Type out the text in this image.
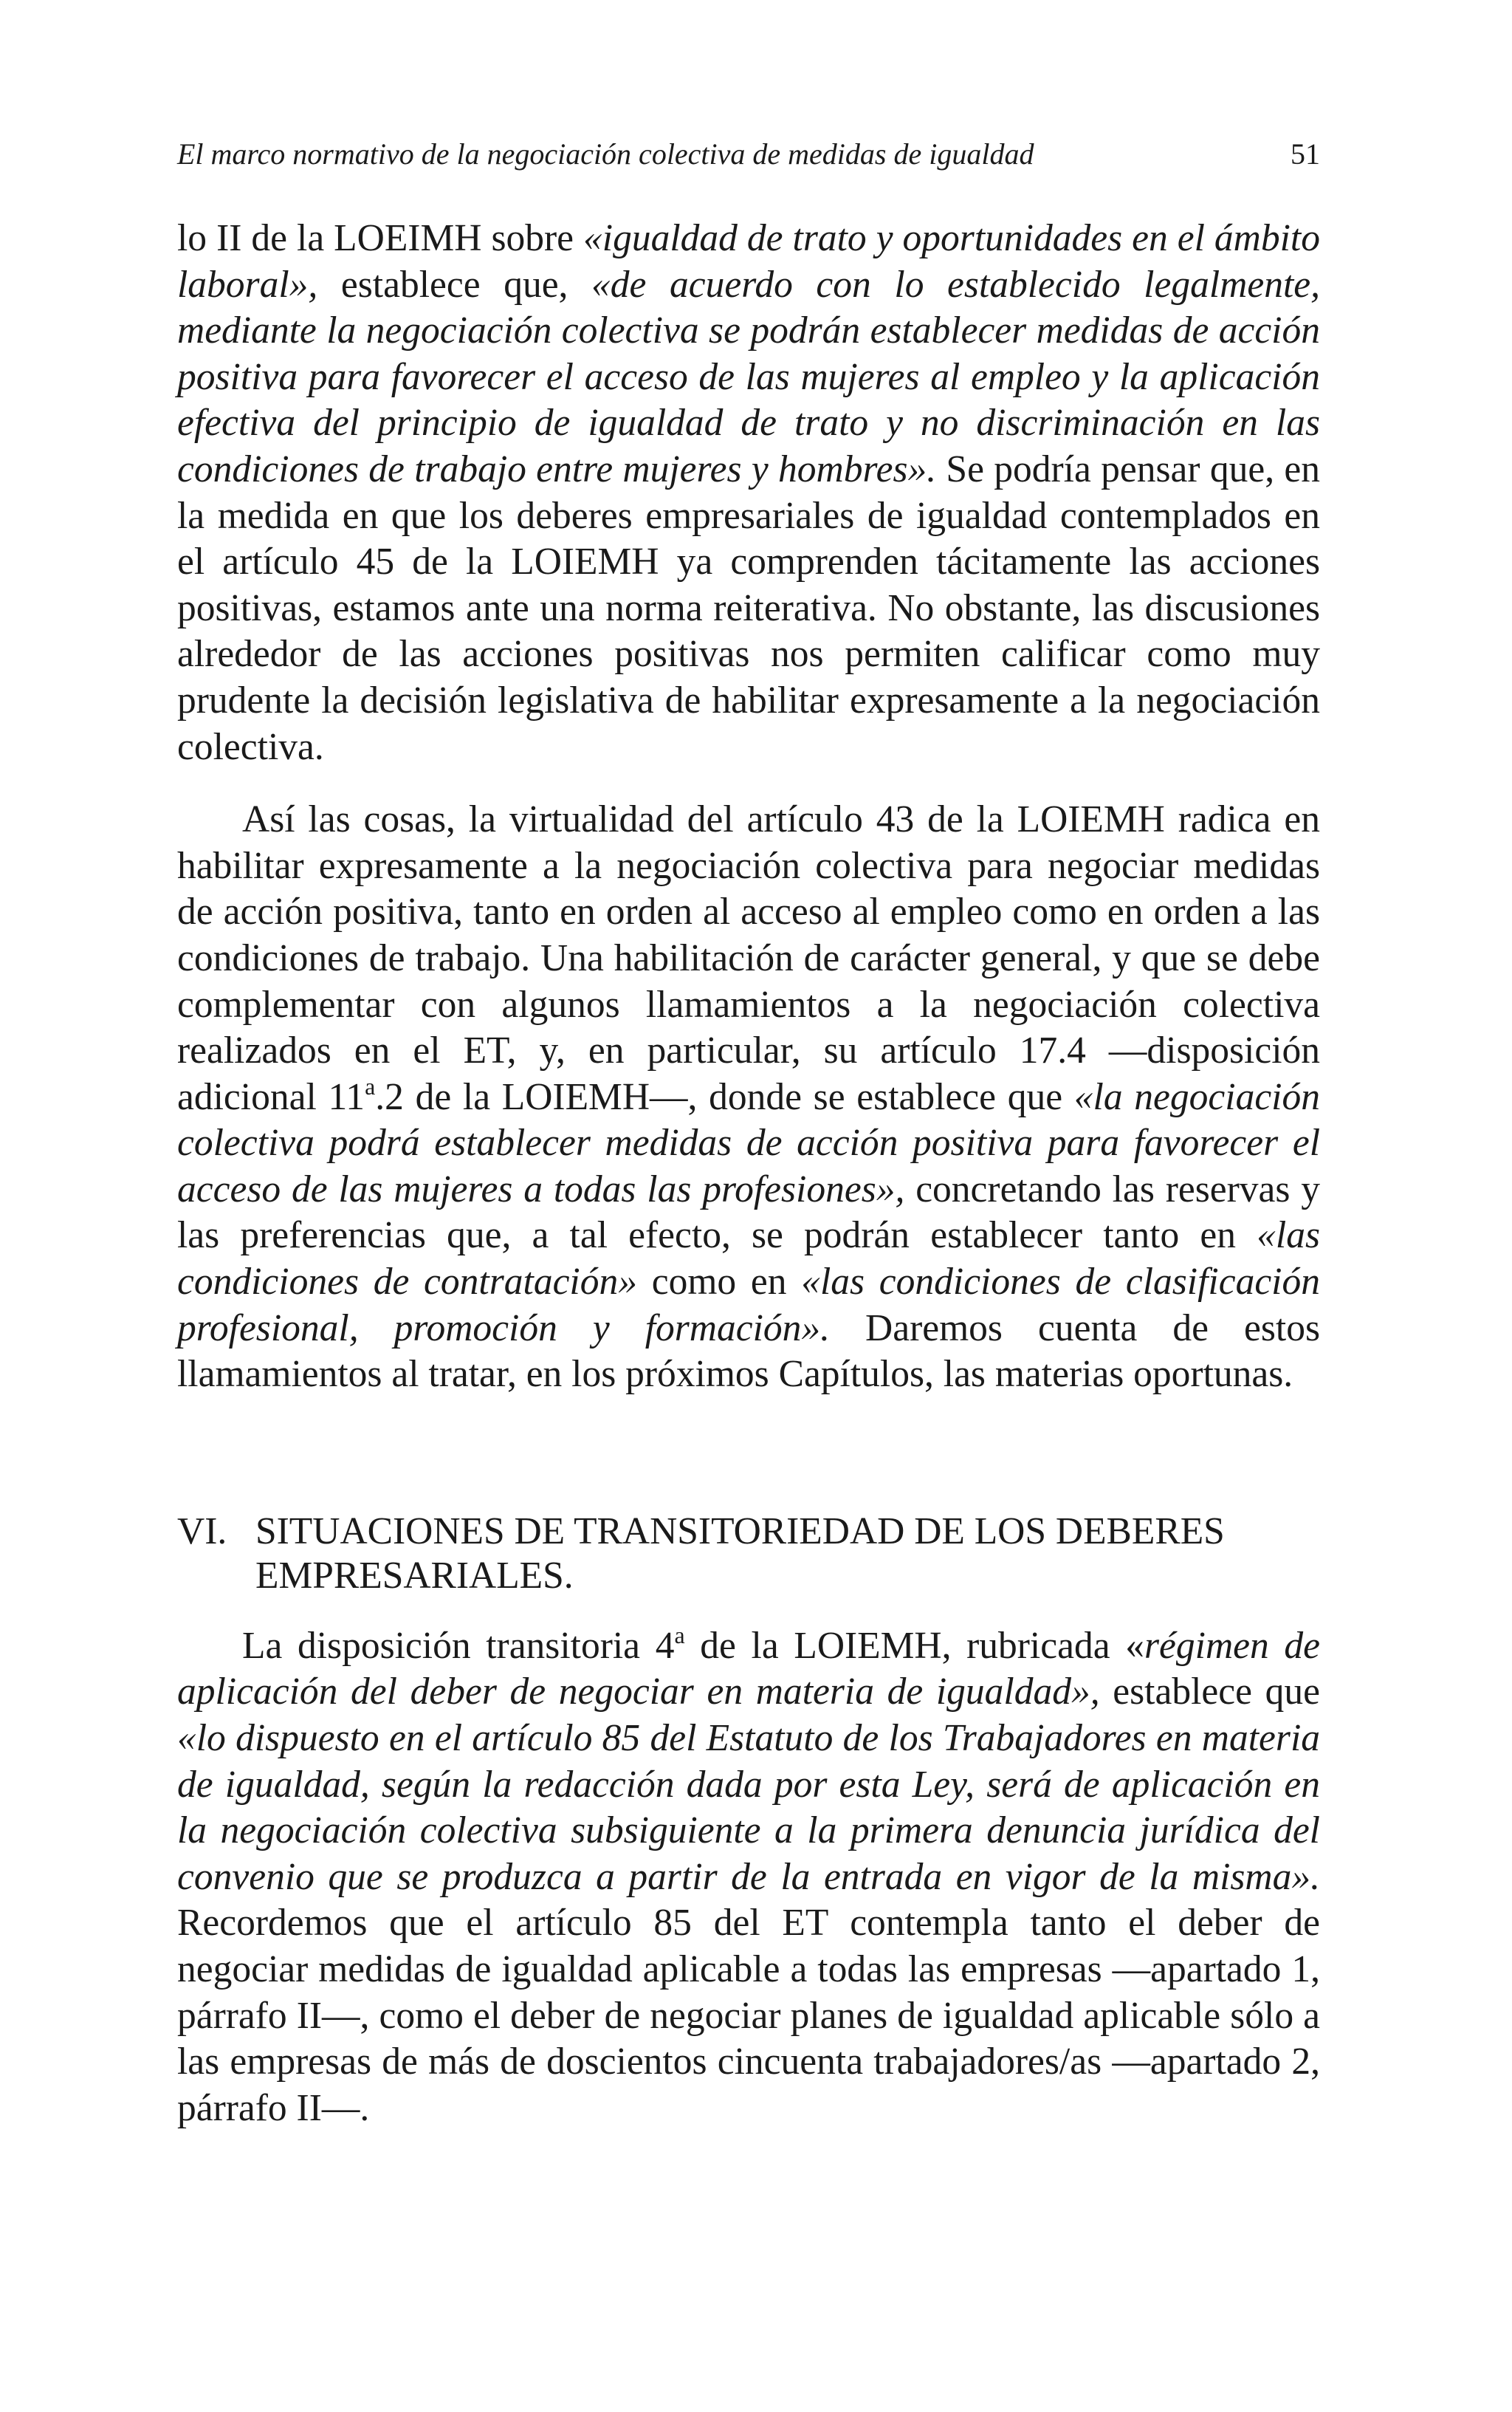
El marco normativo de la negociación colectiva de medidas de igualdad	51

lo II de la LOEIMH sobre «igualdad de trato y oportunidades en el ámbito laboral», establece que, «de acuerdo con lo establecido legalmente, mediante la negociación colectiva se podrán establecer medidas de acción positiva para favorecer el acceso de las mujeres al empleo y la aplicación efectiva del principio de igualdad de trato y no discriminación en las condiciones de trabajo entre mujeres y hombres». Se podría pensar que, en la medida en que los deberes empresariales de igualdad contemplados en el artículo 45 de la LOIEMH ya comprenden tácitamente las acciones positivas, estamos ante una norma reiterativa. No obstante, las discusiones alrededor de las acciones positivas nos permiten calificar como muy prudente la decisión legislativa de habilitar expresamente a la negociación colectiva.

Así las cosas, la virtualidad del artículo 43 de la LOIEMH radica en habilitar expresamente a la negociación colectiva para negociar medidas de acción positiva, tanto en orden al acceso al empleo como en orden a las condiciones de trabajo. Una habilitación de carácter general, y que se debe complementar con algunos llamamientos a la negociación colectiva realizados en el ET, y, en particular, su artículo 17.4 —disposición adicional 11$^a$.2 de la LOIEMH—, donde se establece que «la negociación colectiva podrá establecer medidas de acción positiva para favorecer el acceso de las mujeres a todas las profesiones», concretando las reservas y las preferencias que, a tal efecto, se podrán establecer tanto en «las condiciones de contratación» como en «las condiciones de clasificación profesional, promoción y formación». Daremos cuenta de estos llamamientos al tratar, en los próximos Capítulos, las materias oportunas.

VI. SITUACIONES DE TRANSITORIEDAD DE LOS DEBERES EMPRESARIALES.

La disposición transitoria 4$^a$ de la LOIEMH, rubricada «régimen de aplicación del deber de negociar en materia de igualdad», establece que «lo dispuesto en el artículo 85 del Estatuto de los Trabajadores en materia de igualdad, según la redacción dada por esta Ley, será de aplicación en la negociación colectiva subsiguiente a la primera denuncia jurídica del convenio que se produzca a partir de la entrada en vigor de la misma». Recordemos que el artículo 85 del ET contempla tanto el deber de negociar medidas de igualdad aplicable a todas las empresas —apartado 1, párrafo II—, como el deber de negociar planes de igualdad aplicable sólo a las empresas de más de doscientos cincuenta trabajadores/as —apartado 2, párrafo II—.
